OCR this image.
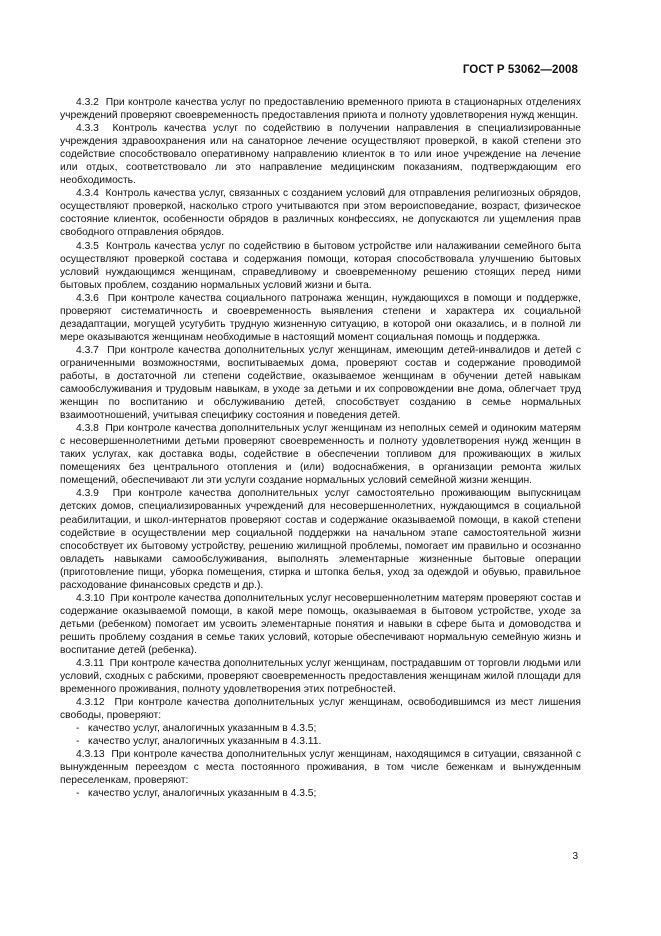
ГОСТ Р 53062—2008

4.3.2 При контроле качества услуг по предоставлению временного приюта в стационарных отделениях учреждений проверяют своевременность предоставления приюта и полноту удовлетворения нужд женщин.

4.3.3 Контроль качества услуг по содействию в получении направления в специализированные учреждения здравоохранения или на санаторное лечение осуществляют проверкой, в какой степени это содействие способствовало оперативному направлению клиенток в то или иное учреждение на лечение или отдых, соответствовало ли это направление медицинским показаниям, подтверждающим его необходимость.

4.3.4 Контроль качества услуг, связанных с созданием условий для отправления религиозных обрядов, осуществляют проверкой, насколько строго учитываются при этом вероисповедание, возраст, физическое состояние клиенток, особенности обрядов в различных конфессиях, не допускаются ли ущемления прав свободного отправления обрядов.

4.3.5 Контроль качества услуг по содействию в бытовом устройстве или налаживании семейного быта осуществляют проверкой состава и содержания помощи, которая способствовала улучшению бытовых условий нуждающимся женщинам, справедливому и своевременному решению стоящих перед ними бытовых проблем, созданию нормальных условий жизни и быта.

4.3.6 При контроле качества социального патронажа женщин, нуждающихся в помощи и поддержке, проверяют систематичность и своевременность выявления степени и характера их социальной дезадаптации, могущей усугубить трудную жизненную ситуацию, в которой они оказались, и в полной ли мере оказываются женщинам необходимые в настоящий момент социальная помощь и поддержка.

4.3.7 При контроле качества дополнительных услуг женщинам, имеющим детей-инвалидов и детей с ограниченными возможностями, воспитываемых дома, проверяют состав и содержание проводимой работы, в достаточной ли степени содействие, оказываемое женщинам в обучении детей навыкам самообслуживания и трудовым навыкам, в уходе за детьми и их сопровождении вне дома, облегчает труд женщин по воспитанию и обслуживанию детей, способствует созданию в семье нормальных взаимоотношений, учитывая специфику состояния и поведения детей.

4.3.8 При контроле качества дополнительных услуг женщинам из неполных семей и одиноким матерям с несовершеннолетними детьми проверяют своевременность и полноту удовлетворения нужд женщин в таких услугах, как доставка воды, содействие в обеспечении топливом для проживающих в жилых помещениях без центрального отопления и (или) водоснабжения, в организации ремонта жилых помещений, обеспечивают ли эти услуги создание нормальных условий семейной жизни женщин.

4.3.9 При контроле качества дополнительных услуг самостоятельно проживающим выпускницам детских домов, специализированных учреждений для несовершеннолетних, нуждающимся в социальной реабилитации, и школ-интернатов проверяют состав и содержание оказываемой помощи, в какой степени содействие в осуществлении мер социальной поддержки на начальном этапе самостоятельной жизни способствует их бытовому устройству, решению жилищной проблемы, помогает им правильно и осознанно овладеть навыками самообслуживания, выполнять элементарные жизненные бытовые операции (приготовление пищи, уборка помещения, стирка и штопка белья, уход за одеждой и обувью, правильное расходование финансовых средств и др.).

4.3.10 При контроле качества дополнительных услуг несовершеннолетним матерям проверяют состав и содержание оказываемой помощи, в какой мере помощь, оказываемая в бытовом устройстве, уходе за детьми (ребенком) помогает им усвоить элементарные понятия и навыки в сфере быта и домоводства и решить проблему создания в семье таких условий, которые обеспечивают нормальную семейную жизнь и воспитание детей (ребенка).

4.3.11 При контроле качества дополнительных услуг женщинам, пострадавшим от торговли людьми или условий, сходных с рабскими, проверяют своевременность предоставления женщинам жилой площади для временного проживания, полноту удовлетворения этих потребностей.

4.3.12 При контроле качества дополнительных услуг женщинам, освободившимся из мест лишения свободы, проверяют:

- качество услуг, аналогичных указанным в 4.3.5;

- качество услуг, аналогичных указанным в 4.3.11.

4.3.13 При контроле качества дополнительных услуг женщинам, находящимся в ситуации, связанной с вынужденным переездом с места постоянного проживания, в том числе беженкам и вынужденным переселенкам, проверяют:

- качество услуг, аналогичных указанным в 4.3.5;

3
